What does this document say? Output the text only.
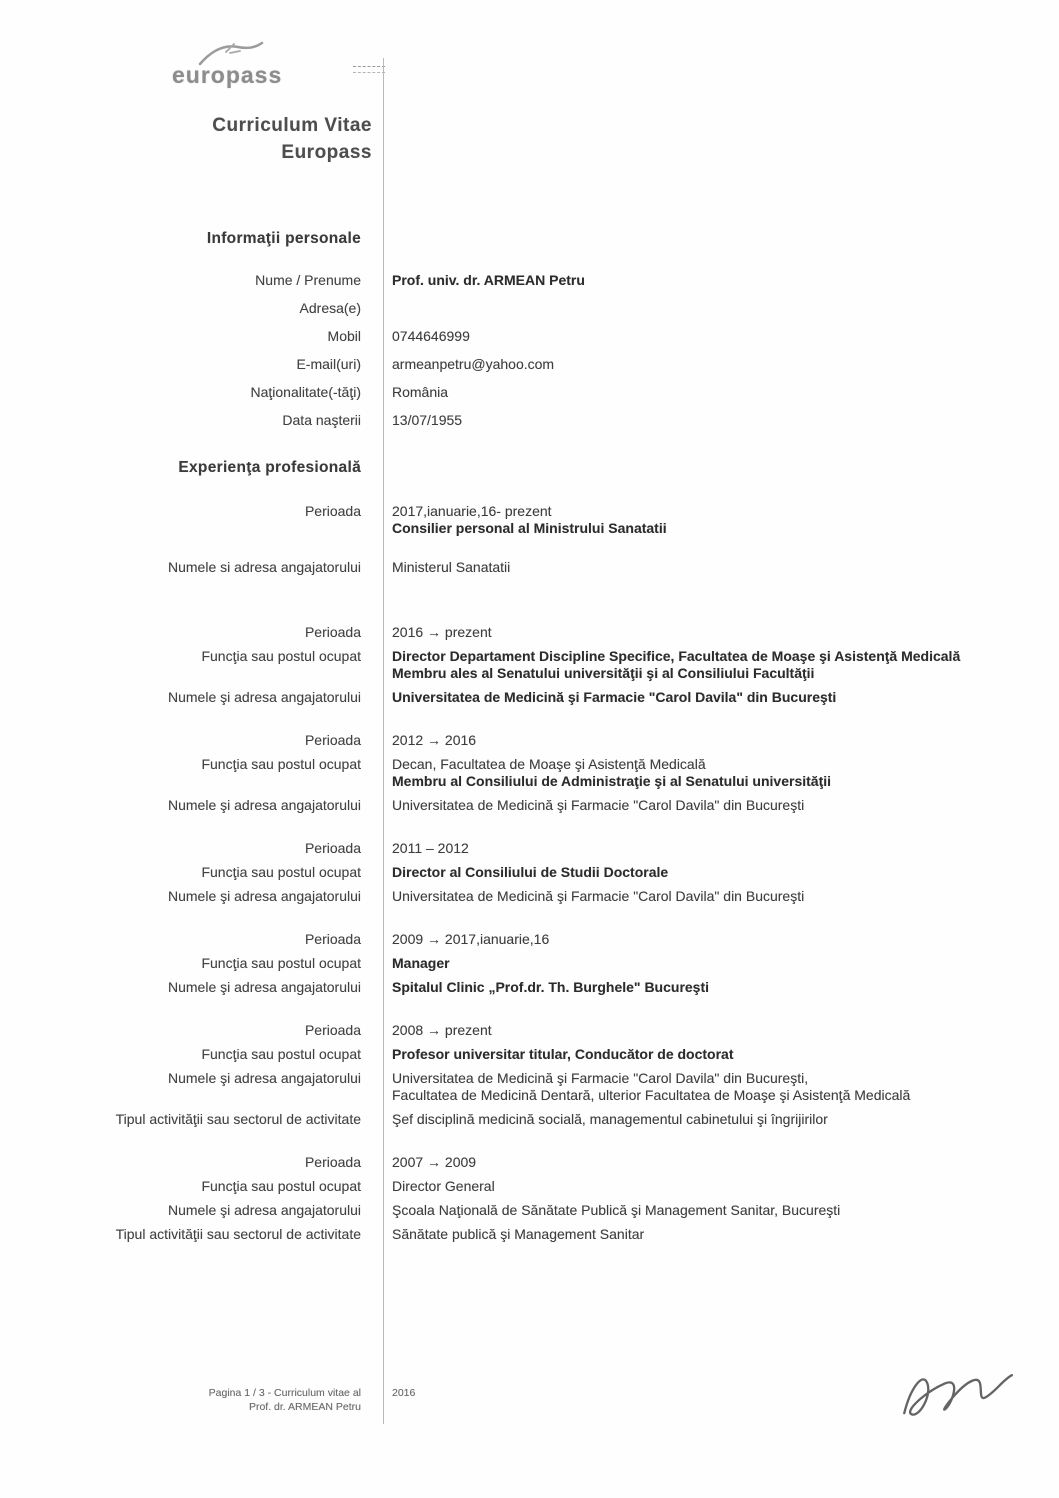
europass
Curriculum Vitae
Europass
Informaţii personale
Nume / Prenume	Prof. univ. dr. ARMEAN Petru
Adresa(e)
Mobil	0744646999
E-mail(uri)	armeanpetru@yahoo.com
Naţionalitate(-tăţi)	România
Data naşterii	13/07/1955
Experienţa profesională
Perioada	2017,ianuarie,16- prezent
Consilier personal al Ministrului Sanatatii
Numele si adresa angajatorului	Ministerul Sanatatii
Perioada	2016 → prezent
Funcţia sau postul ocupat	Director Departament Discipline Specifice, Facultatea de Moaşe şi Asistenţă Medicală
Membru ales al Senatului universităţii şi al Consiliului Facultăţii
Numele şi adresa angajatorului	Universitatea de Medicină şi Farmacie "Carol Davila" din Bucureşti
Perioada	2012 → 2016
Funcţia sau postul ocupat	Decan, Facultatea de Moaşe şi Asistenţă Medicală
Membru al Consiliului de Administraţie şi al Senatului universităţii
Numele şi adresa angajatorului	Universitatea de Medicină şi Farmacie "Carol Davila" din Bucureşti
Perioada	2011 – 2012
Funcţia sau postul ocupat	Director al Consiliului de Studii Doctorale
Numele şi adresa angajatorului	Universitatea de Medicină şi Farmacie "Carol Davila" din Bucureşti
Perioada	2009 → 2017,ianuarie,16
Funcţia sau postul ocupat	Manager
Numele şi adresa angajatorului	Spitalul Clinic „Prof.dr. Th. Burghele" Bucureşti
Perioada	2008 → prezent
Funcţia sau postul ocupat	Profesor universitar titular, Conducător de doctorat
Numele şi adresa angajatorului	Universitatea de Medicină şi Farmacie "Carol Davila" din Bucureşti,
Facultatea de Medicină Dentară, ulterior Facultatea de Moaşe şi Asistenţă Medicală
Tipul activităţii sau sectorul de activitate	Şef disciplină medicină socială, managementul cabinetului şi îngrijirilor
Perioada	2007 → 2009
Funcţia sau postul ocupat	Director General
Numele şi adresa angajatorului	Şcoala Naţională de Sănătate Publică şi Management Sanitar, Bucureşti
Tipul activităţii sau sectorul de activitate	Sănătate publică şi Management Sanitar
Pagina 1 / 3 - Curriculum vitae al
Prof. dr. ARMEAN Petru
2016
